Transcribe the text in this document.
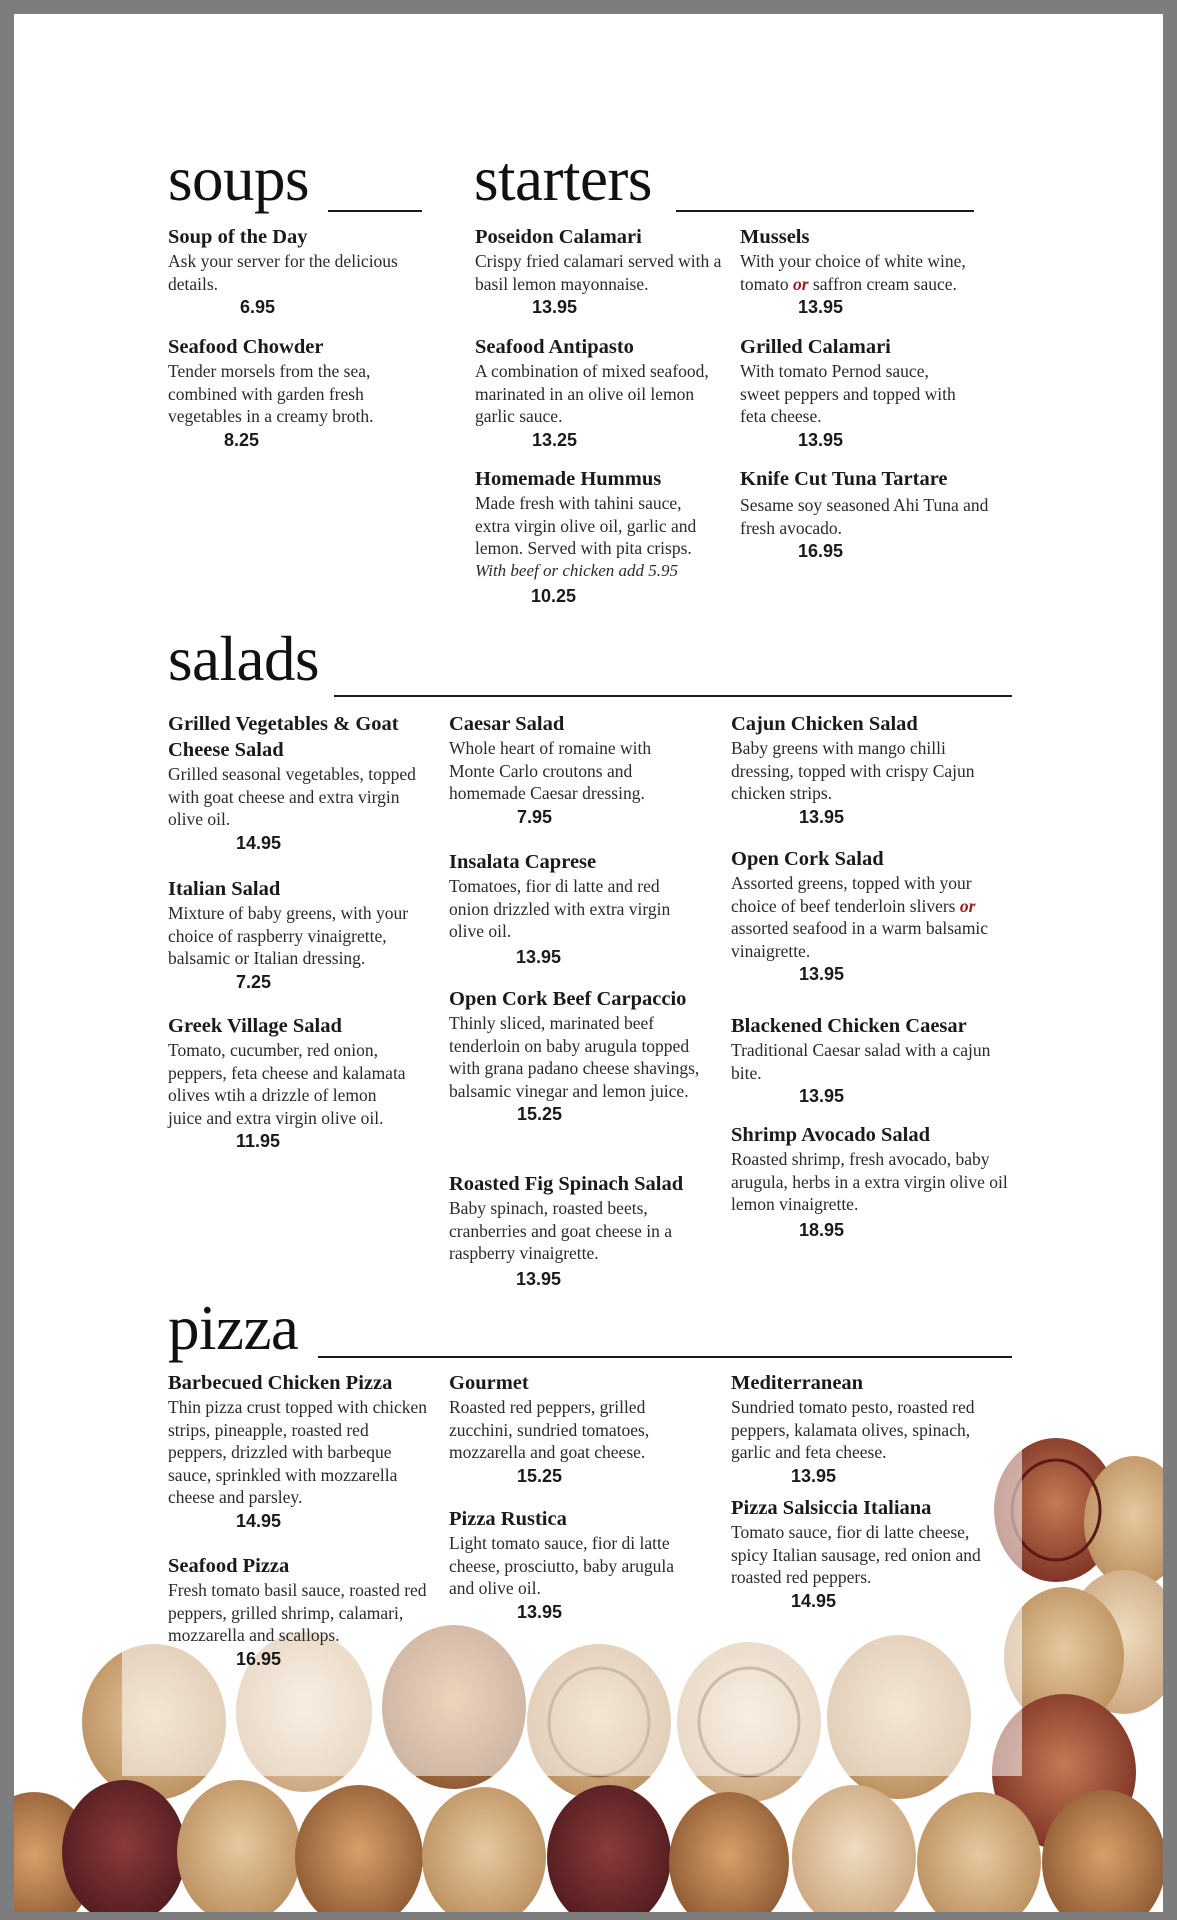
soups
Soup of the Day
Ask your server for the delicious details.
6.95
Seafood Chowder
Tender morsels from the sea, combined with garden fresh vegetables in a creamy broth.
8.25
starters
Poseidon Calamari
Crispy fried calamari served with a basil lemon mayonnaise.
13.95
Mussels
With your choice of white wine, tomato or saffron cream sauce.
13.95
Seafood Antipasto
A combination of mixed seafood, marinated in an olive oil lemon garlic sauce.
13.25
Grilled Calamari
With tomato Pernod sauce, sweet peppers and topped with feta cheese.
13.95
Homemade Hummus
Made fresh with tahini sauce, extra virgin olive oil, garlic and lemon. Served with pita crisps.
With beef or chicken add 5.95
10.25
Knife Cut Tuna Tartare
Sesame soy seasoned Ahi Tuna and fresh avocado.
16.95
salads
Grilled Vegetables & Goat Cheese Salad
Grilled seasonal vegetables, topped with goat cheese and extra virgin olive oil.
14.95
Italian Salad
Mixture of baby greens, with your choice of raspberry vinaigrette, balsamic or Italian dressing.
7.25
Greek Village Salad
Tomato, cucumber, red onion, peppers, feta cheese and kalamata olives wtih a drizzle of lemon juice and extra virgin olive oil.
11.95
Caesar Salad
Whole heart of romaine with Monte Carlo croutons and homemade Caesar dressing.
7.95
Insalata Caprese
Tomatoes, fior di latte and red onion drizzled with extra virgin olive oil.
13.95
Open Cork Beef Carpaccio
Thinly sliced, marinated beef tenderloin on baby arugula topped with grana padano cheese shavings, balsamic vinegar and lemon juice.
15.25
Roasted Fig Spinach Salad
Baby spinach, roasted beets, cranberries and goat cheese in a raspberry vinaigrette.
13.95
Cajun Chicken Salad
Baby greens with mango chilli dressing, topped with crispy Cajun chicken strips.
13.95
Open Cork Salad
Assorted greens, topped with your choice of beef tenderloin slivers or assorted seafood in a warm balsamic vinaigrette.
13.95
Blackened Chicken Caesar
Traditional Caesar salad with a cajun bite.
13.95
Shrimp Avocado Salad
Roasted shrimp, fresh avocado, baby arugula, herbs in a extra virgin olive oil lemon vinaigrette.
18.95
pizza
Barbecued Chicken Pizza
Thin pizza crust topped with chicken strips, pineapple, roasted red peppers, drizzled with barbeque sauce, sprinkled with mozzarella cheese and parsley.
14.95
Seafood Pizza
Fresh tomato basil sauce, roasted red peppers, grilled shrimp, calamari, mozzarella and scallops.
16.95
Gourmet
Roasted red peppers, grilled zucchini, sundried tomatoes, mozzarella and goat cheese.
15.25
Pizza Rustica
Light tomato sauce, fior di latte cheese, prosciutto, baby arugula and olive oil.
13.95
Mediterranean
Sundried tomato pesto, roasted red peppers, kalamata olives, spinach, garlic and feta cheese.
13.95
Pizza Salsiccia Italiana
Tomato sauce, fior di latte cheese, spicy Italian sausage, red onion and roasted red peppers.
14.95
